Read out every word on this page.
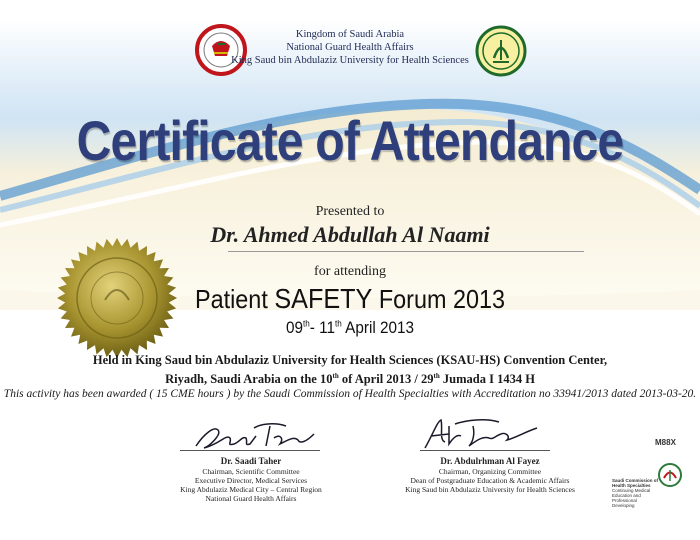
Kingdom of Saudi Arabia
National Guard Health Affairs
King Saud bin Abdulaziz University for Health Sciences
Certificate of Attendance
Presented to
Dr. Ahmed Abdullah Al Naami
for attending
Patient SAFETY Forum 2013
09th- 11th April 2013
Held in King Saud bin Abdulaziz University for Health Sciences (KSAU-HS) Convention Center,
Riyadh, Saudi Arabia on the 10th of April 2013 / 29th Jumada I 1434 H
This activity has been awarded ( 15 CME hours ) by the Saudi Commission of Health Specialties with Accreditation no 33941/2013 dated 2013-03-20.
Dr. Saadi Taher
Chairman, Scientific Committee
Executive Director, Medical Services
King Abdulaziz Medical City – Central Region
National Guard Health Affairs
Dr. Abdulrhman Al Fayez
Chairman, Organizing Committee
Dean of Postgraduate Education & Academic Affairs
King Saud bin Abdulaziz University for Health Sciences
M88X
Saudi Commission of Health Specialties
Continuing Medical Education and Professional Developing
